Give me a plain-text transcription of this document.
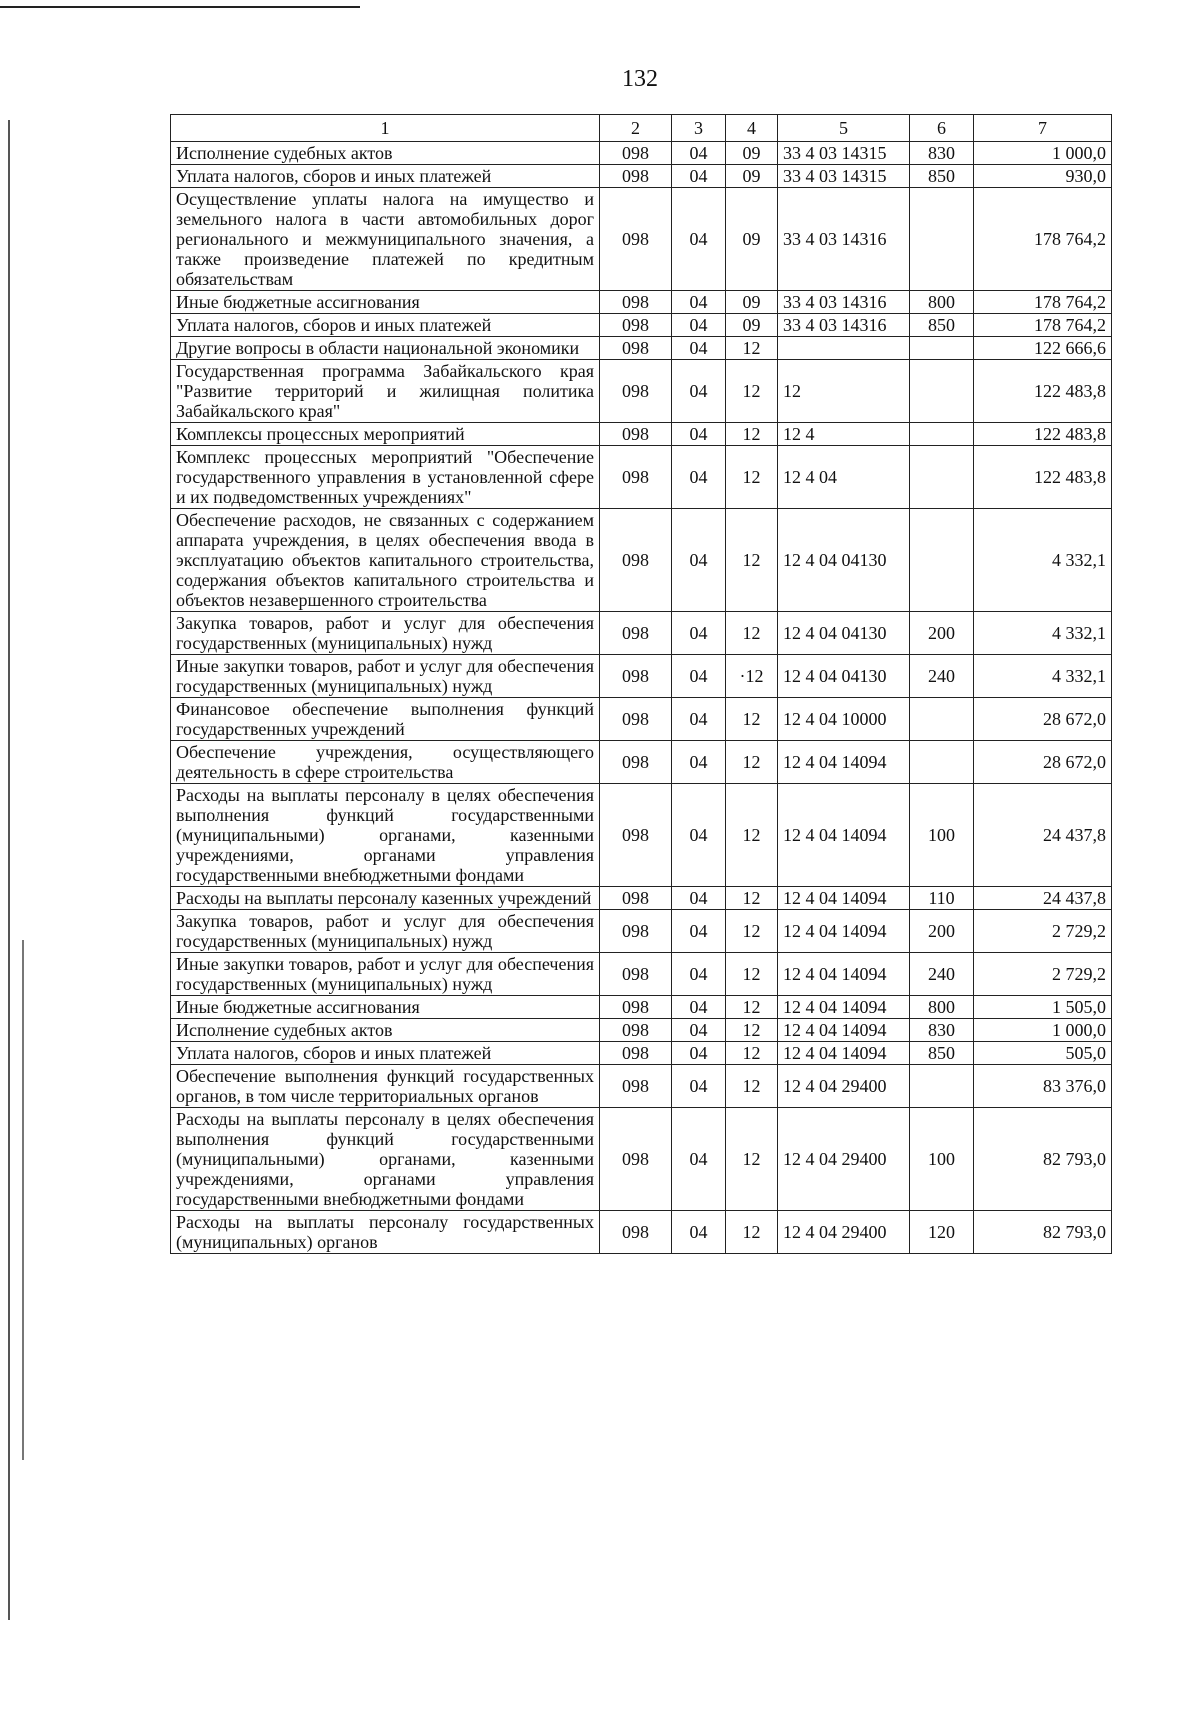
132
1	2	3	4	5	6	7
Исполнение судебных актов	098	04	09	33 4 03 14315	830	1 000,0
Уплата налогов, сборов и иных платежей	098	04	09	33 4 03 14315	850	930,0
Осуществление уплаты налога на имущество и земельного налога в части автомобильных дорог регионального и межмуниципального значения, а также произведение платежей по кредитным обязательствам	098	04	09	33 4 03 14316		178 764,2
Иные бюджетные ассигнования	098	04	09	33 4 03 14316	800	178 764,2
Уплата налогов, сборов и иных платежей	098	04	09	33 4 03 14316	850	178 764,2
Другие вопросы в области национальной экономики	098	04	12			122 666,6
Государственная программа Забайкальского края "Развитие территорий и жилищная политика Забайкальского края"	098	04	12	12		122 483,8
Комплексы процессных мероприятий	098	04	12	12 4		122 483,8
Комплекс процессных мероприятий "Обеспечение государственного управления в установленной сфере и их подведомственных учреждениях"	098	04	12	12 4 04		122 483,8
Обеспечение расходов, не связанных с содержанием аппарата учреждения, в целях обеспечения ввода в эксплуатацию объектов капитального строительства, содержания объектов капитального строительства и объектов незавершенного строительства	098	04	12	12 4 04 04130		4 332,1
Закупка товаров, работ и услуг для обеспечения государственных (муниципальных) нужд	098	04	12	12 4 04 04130	200	4 332,1
Иные закупки товаров, работ и услуг для обеспечения государственных (муниципальных) нужд	098	04	·12	12 4 04 04130	240	4 332,1
Финансовое обеспечение выполнения функций государственных учреждений	098	04	12	12 4 04 10000		28 672,0
Обеспечение учреждения, осуществляющего деятельность в сфере строительства	098	04	12	12 4 04 14094		28 672,0
Расходы на выплаты персоналу в целях обеспечения выполнения функций государственными (муниципальными) органами, казенными учреждениями, органами управления государственными внебюджетными фондами	098	04	12	12 4 04 14094	100	24 437,8
Расходы на выплаты персоналу казенных учреждений	098	04	12	12 4 04 14094	110	24 437,8
Закупка товаров, работ и услуг для обеспечения государственных (муниципальных) нужд	098	04	12	12 4 04 14094	200	2 729,2
Иные закупки товаров, работ и услуг для обеспечения государственных (муниципальных) нужд	098	04	12	12 4 04 14094	240	2 729,2
Иные бюджетные ассигнования	098	04	12	12 4 04 14094	800	1 505,0
Исполнение судебных актов	098	04	12	12 4 04 14094	830	1 000,0
Уплата налогов, сборов и иных платежей	098	04	12	12 4 04 14094	850	505,0
Обеспечение выполнения функций государственных органов, в том числе территориальных органов	098	04	12	12 4 04 29400		83 376,0
Расходы на выплаты персоналу в целях обеспечения выполнения функций государственными (муниципальными) органами, казенными учреждениями, органами управления государственными внебюджетными фондами	098	04	12	12 4 04 29400	100	82 793,0
Расходы на выплаты персоналу государственных (муниципальных) органов	098	04	12	12 4 04 29400	120	82 793,0
